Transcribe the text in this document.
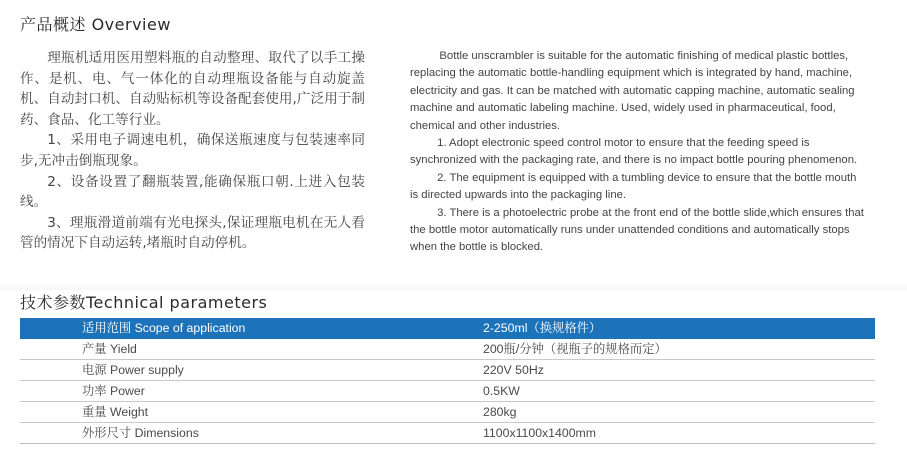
产品概述 Overview

理瓶机适用医用塑料瓶的自动整理、取代了以手工操作、是机、电、气一体化的自动理瓶设备能与自动旋盖机、自动封口机、自动贴标机等设备配套使用,广泛用于制药、食品、化工等行业。

1、采用电子调速电机，确保送瓶速度与包装速率同步,无冲击倒瓶现象。

2、设备设置了翻瓶装置,能确保瓶口朝.上进入包装线。

3、理瓶滑道前端有光电探头,保证理瓶电机在无人看管的情况下自动运转,堵瓶时自动停机。

Bottle unscrambler is suitable for the automatic finishing of medical plastic bottles, replacing the automatic bottle-handling equipment which is integrated by hand, machine, electricity and gas. It can be matched with automatic capping machine, automatic sealing machine and automatic labeling machine. Used, widely used in pharmaceutical, food, chemical and other industries.

1. Adopt electronic speed control motor to ensure that the feeding speed is synchronized with the packaging rate, and there is no impact bottle pouring phenomenon.

2. The equipment is equipped with a tumbling device to ensure that the bottle mouth is directed upwards into the packaging line.

3. There is a photoelectric probe at the front end of the bottle slide,which ensures that the bottle motor automatically runs under unattended conditions and automatically stops when the bottle is blocked.

技术参数Technical parameters
适用范围 Scope of application	2-250ml（换规格件）
产量 Yield	200瓶/分钟（视瓶子的规格而定）
电源 Power supply	220V 50Hz
功率 Power	0.5KW
重量 Weight	280kg
外形尺寸 Dimensions	1100x1100x1400mm
